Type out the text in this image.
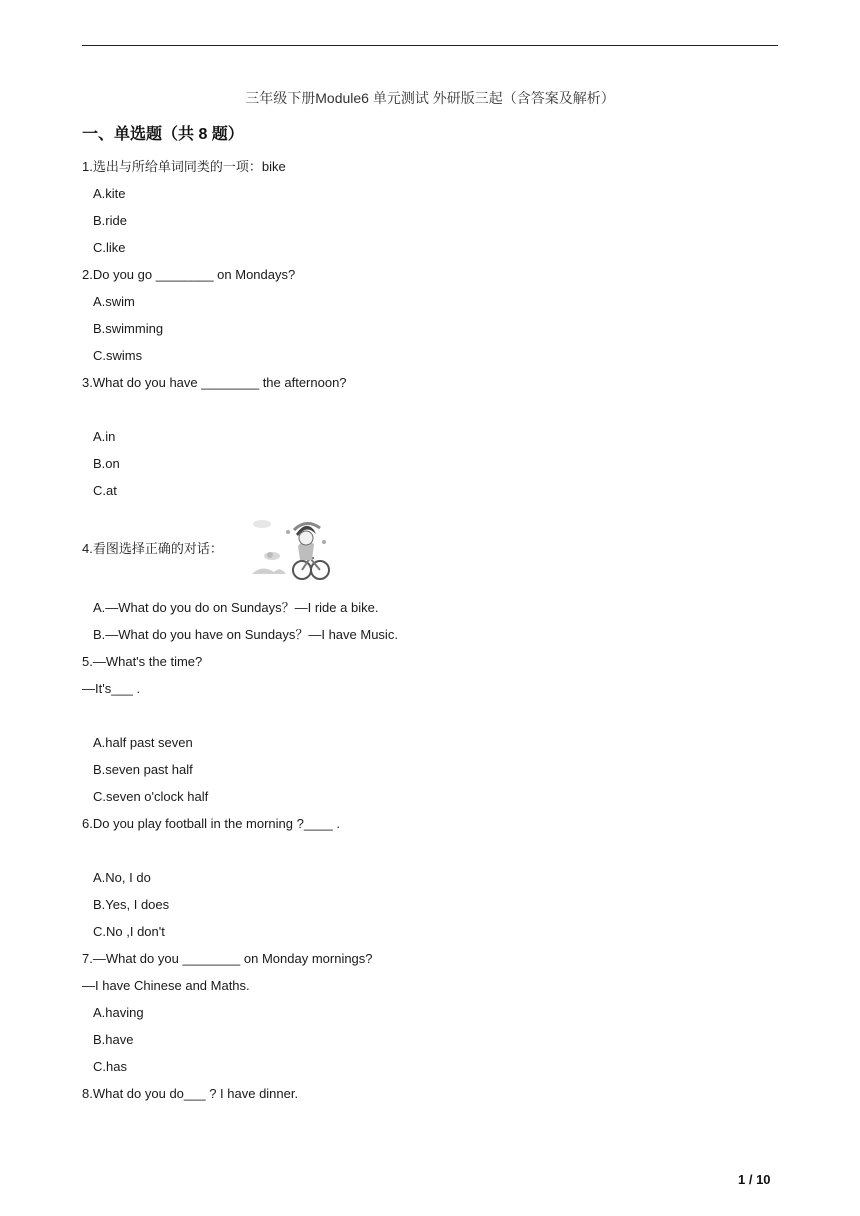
三年级下册Module6 单元测试 外研版三起（含答案及解析）
一、单选题（共 8 题）
1.选出与所给单词同类的一项：bike
A.kite
B.ride
C.like
2.Do you go ________ on Mondays?
A.swim
B.swimming
C.swims
3.What do you have ________ the afternoon?
A.in
B.on
C.at
4.看图选择正确的对话：
A.—What do you do on Sundays？—I ride a bike.
B.—What do you have on Sundays？—I have Music.
5.—What's the time?
—It's___ .
A.half past seven
B.seven past half
C.seven o'clock half
6.Do you play football in the morning ?____ .
A.No, I do
B.Yes, I does
C.No ,I don't
7.—What do you ________ on Monday mornings?
—I have Chinese and Maths.
A.having
B.have
C.has
8.What do you do___ ? I have dinner.
1 / 10
